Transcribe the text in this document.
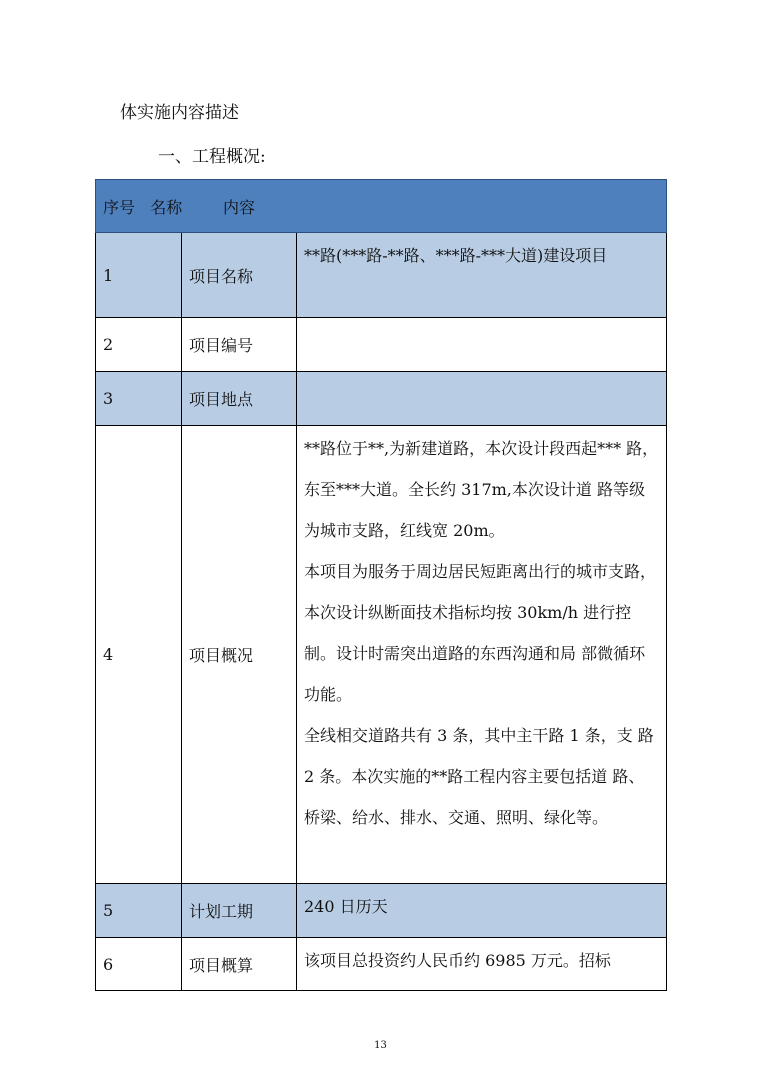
体实施内容描述
一、工程概况:
序号   名称        内容		
1	项目名称	**路(***路-**路、***路-***大道)建设项目
2	项目编号	
3	项目地点	
4	项目概况	**路位于**,为新建道路，本次设计段西起*** 路，东至***大道。全长约 317m,本次设计道 路等级为城市支路，红线宽 20m。

本项目为服务于周边居民短距离出行的城市支路，本次设计纵断面技术指标均按 30km/h 进行控制。设计时需突出道路的东西沟通和局 部微循环功能。

全线相交道路共有 3 条，其中主干路 1 条，支 路 2 条。本次实施的**路工程内容主要包括道 路、桥梁、给水、排水、交通、照明、绿化等。

5	计划工期	240 日历天
6	项目概算	该项目总投资约人民币约 6985 万元。招标
13
